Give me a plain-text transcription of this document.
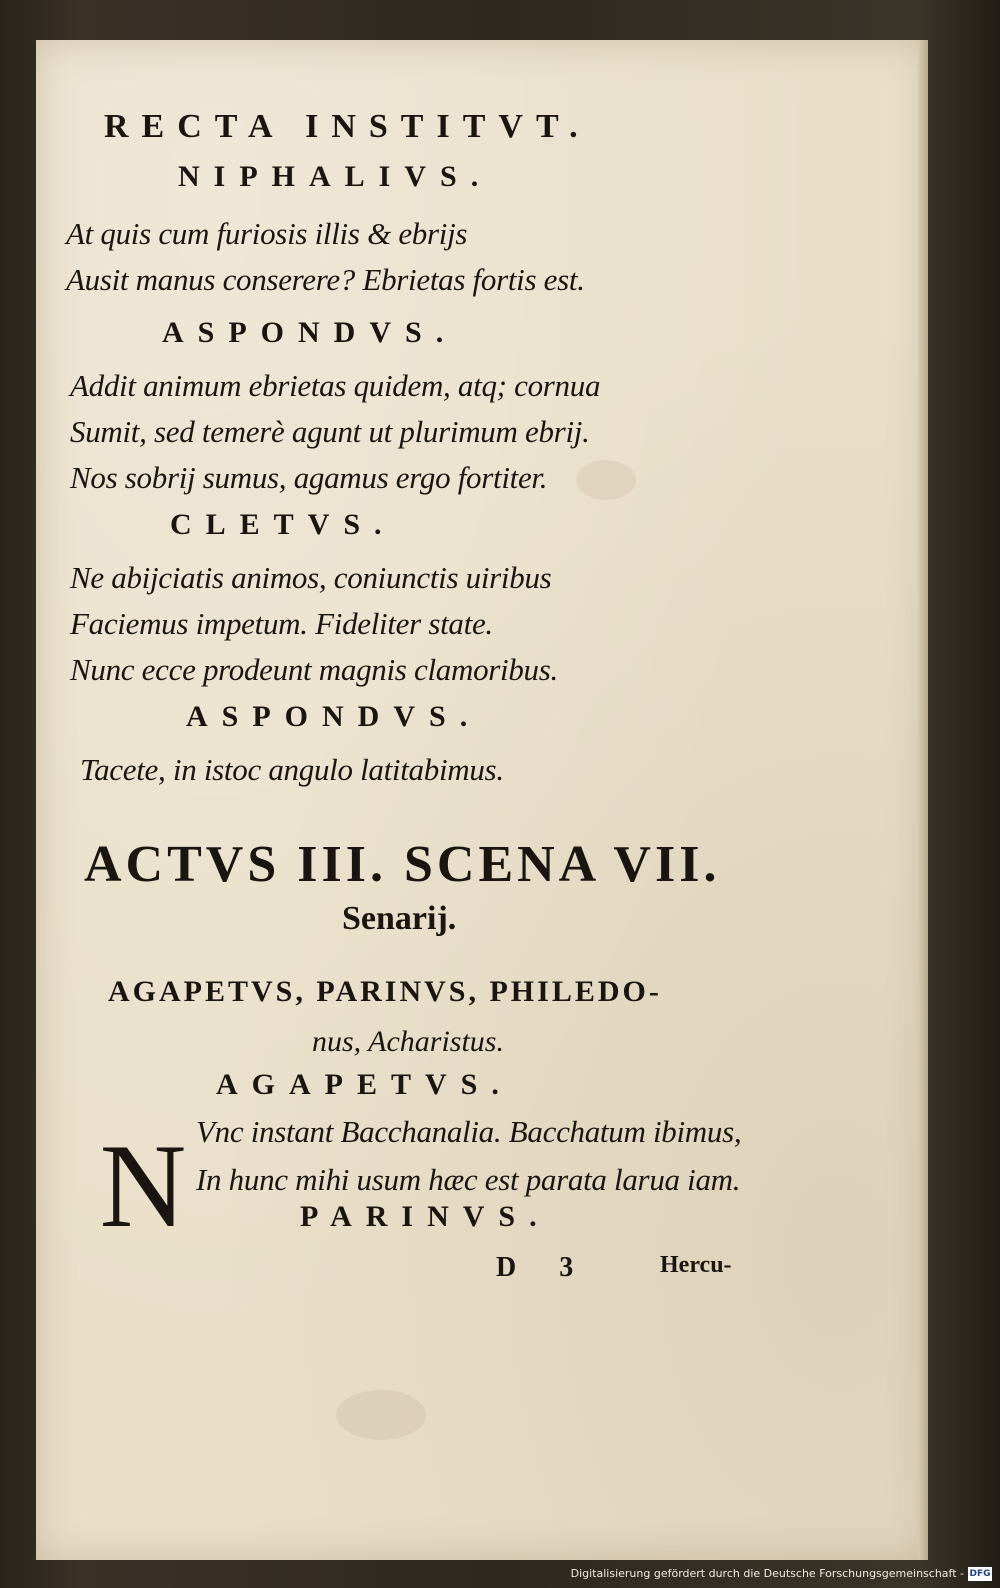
RECTA INSTITVT.
NIPHALIVS.
At quis cum furiosis illis & ebrijs
Ausit manus conserere? Ebrietas fortis est.
ASPONDVS.
Addit animum ebrietas quidem, atq; cornua
Sumit, sed temerè agunt ut plurimum ebrij.
Nos sobrij sumus, agamus ergo fortiter.
CLETVS.
Ne abijciatis animos, coniunctis uiribus
Faciemus impetum. Fideliter state.
Nunc ecce prodeunt magnis clamoribus.
ASPONDVS.
Tacete, in istoc angulo latitabimus.
ACTVS III. SCENA VII.
Senarij.
AGAPETVS, PARINVS, PHILEDO-
nus, Acharistus.
AGAPETVS.
N Vnc instant Bacchanalia. Bacchatum ibimus,
In hunc mihi usum hæc est parata larua iam.
PARINVS.
D 3	Hercu-
Digitalisierung gefördert durch die Deutsche Forschungsgemeinschaft - DFG
